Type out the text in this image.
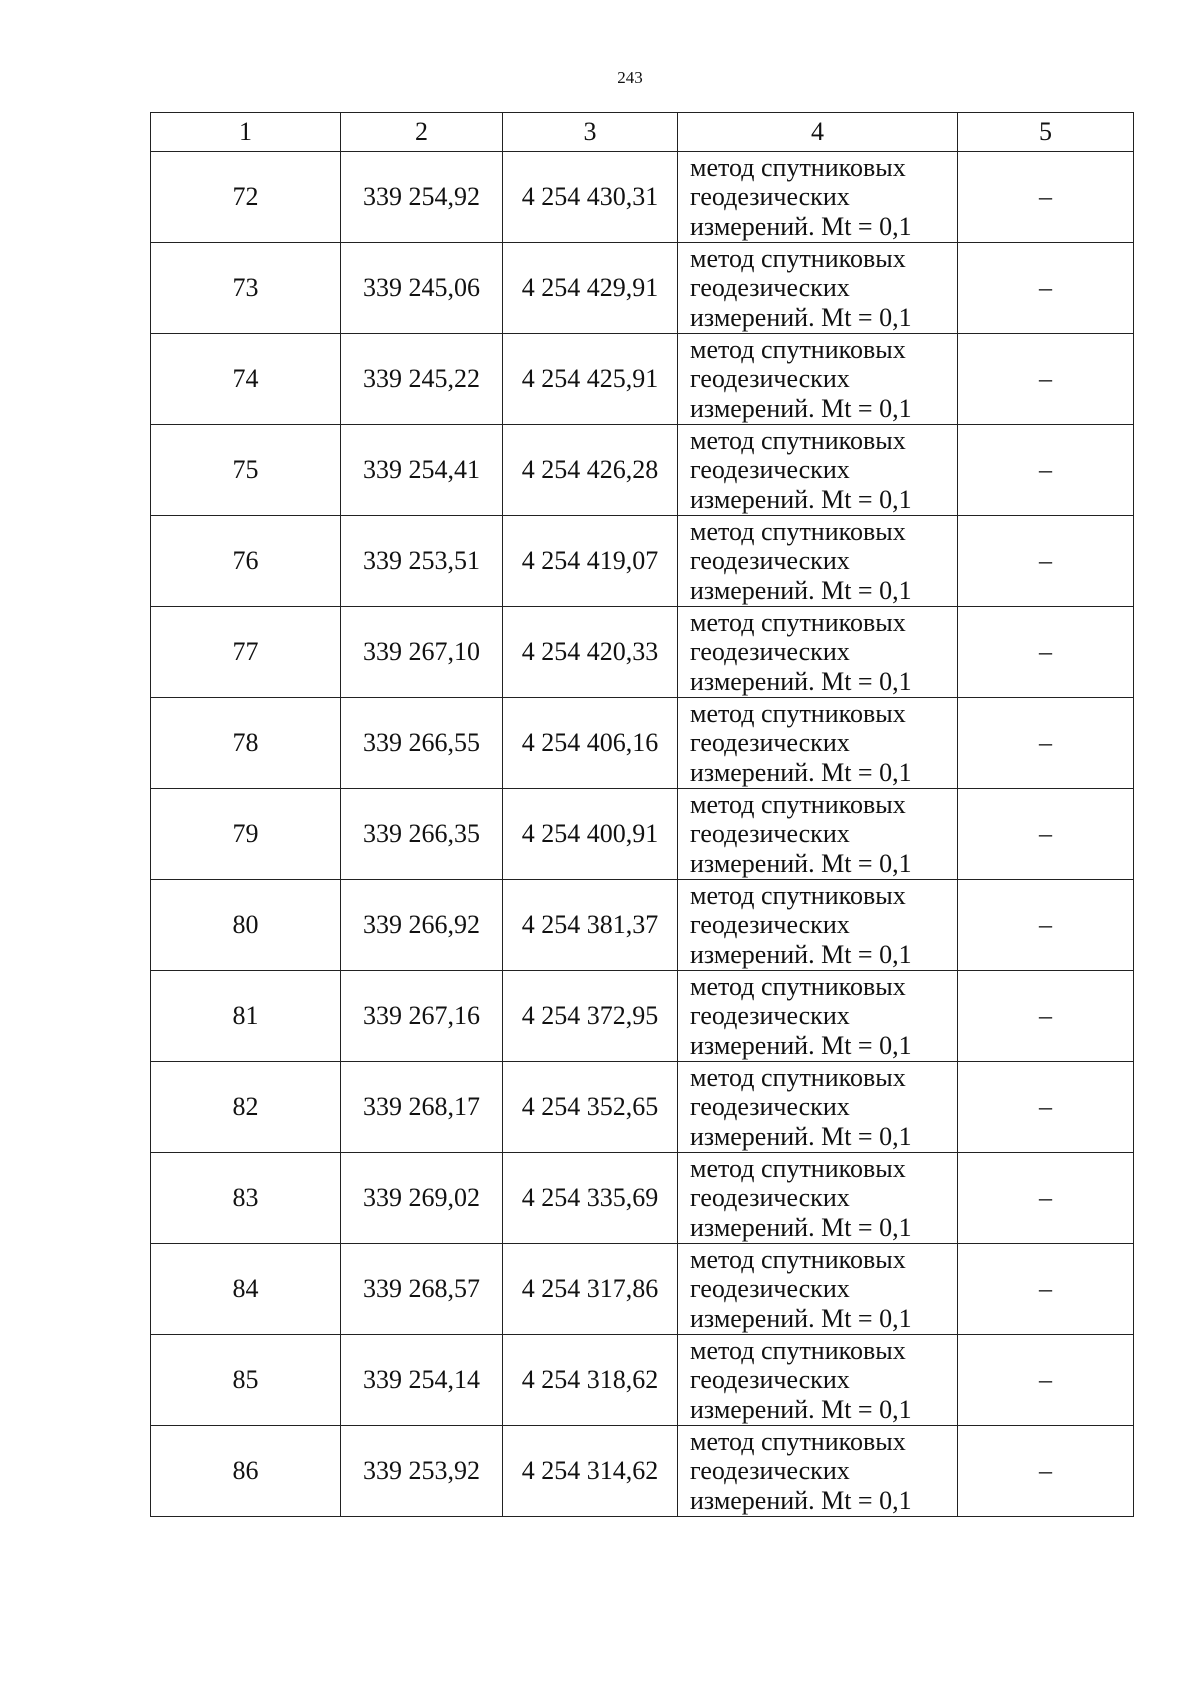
243
1	2	3	4	5
72	339 254,92	4 254 430,31	метод спутниковых
геодезических
измерений. Mt = 0,1	–
73	339 245,06	4 254 429,91	метод спутниковых
геодезических
измерений. Mt = 0,1	–
74	339 245,22	4 254 425,91	метод спутниковых
геодезических
измерений. Mt = 0,1	–
75	339 254,41	4 254 426,28	метод спутниковых
геодезических
измерений. Mt = 0,1	–
76	339 253,51	4 254 419,07	метод спутниковых
геодезических
измерений. Mt = 0,1	–
77	339 267,10	4 254 420,33	метод спутниковых
геодезических
измерений. Mt = 0,1	–
78	339 266,55	4 254 406,16	метод спутниковых
геодезических
измерений. Mt = 0,1	–
79	339 266,35	4 254 400,91	метод спутниковых
геодезических
измерений. Mt = 0,1	–
80	339 266,92	4 254 381,37	метод спутниковых
геодезических
измерений. Mt = 0,1	–
81	339 267,16	4 254 372,95	метод спутниковых
геодезических
измерений. Mt = 0,1	–
82	339 268,17	4 254 352,65	метод спутниковых
геодезических
измерений. Mt = 0,1	–
83	339 269,02	4 254 335,69	метод спутниковых
геодезических
измерений. Mt = 0,1	–
84	339 268,57	4 254 317,86	метод спутниковых
геодезических
измерений. Mt = 0,1	–
85	339 254,14	4 254 318,62	метод спутниковых
геодезических
измерений. Mt = 0,1	–
86	339 253,92	4 254 314,62	метод спутниковых
геодезических
измерений. Mt = 0,1	–
